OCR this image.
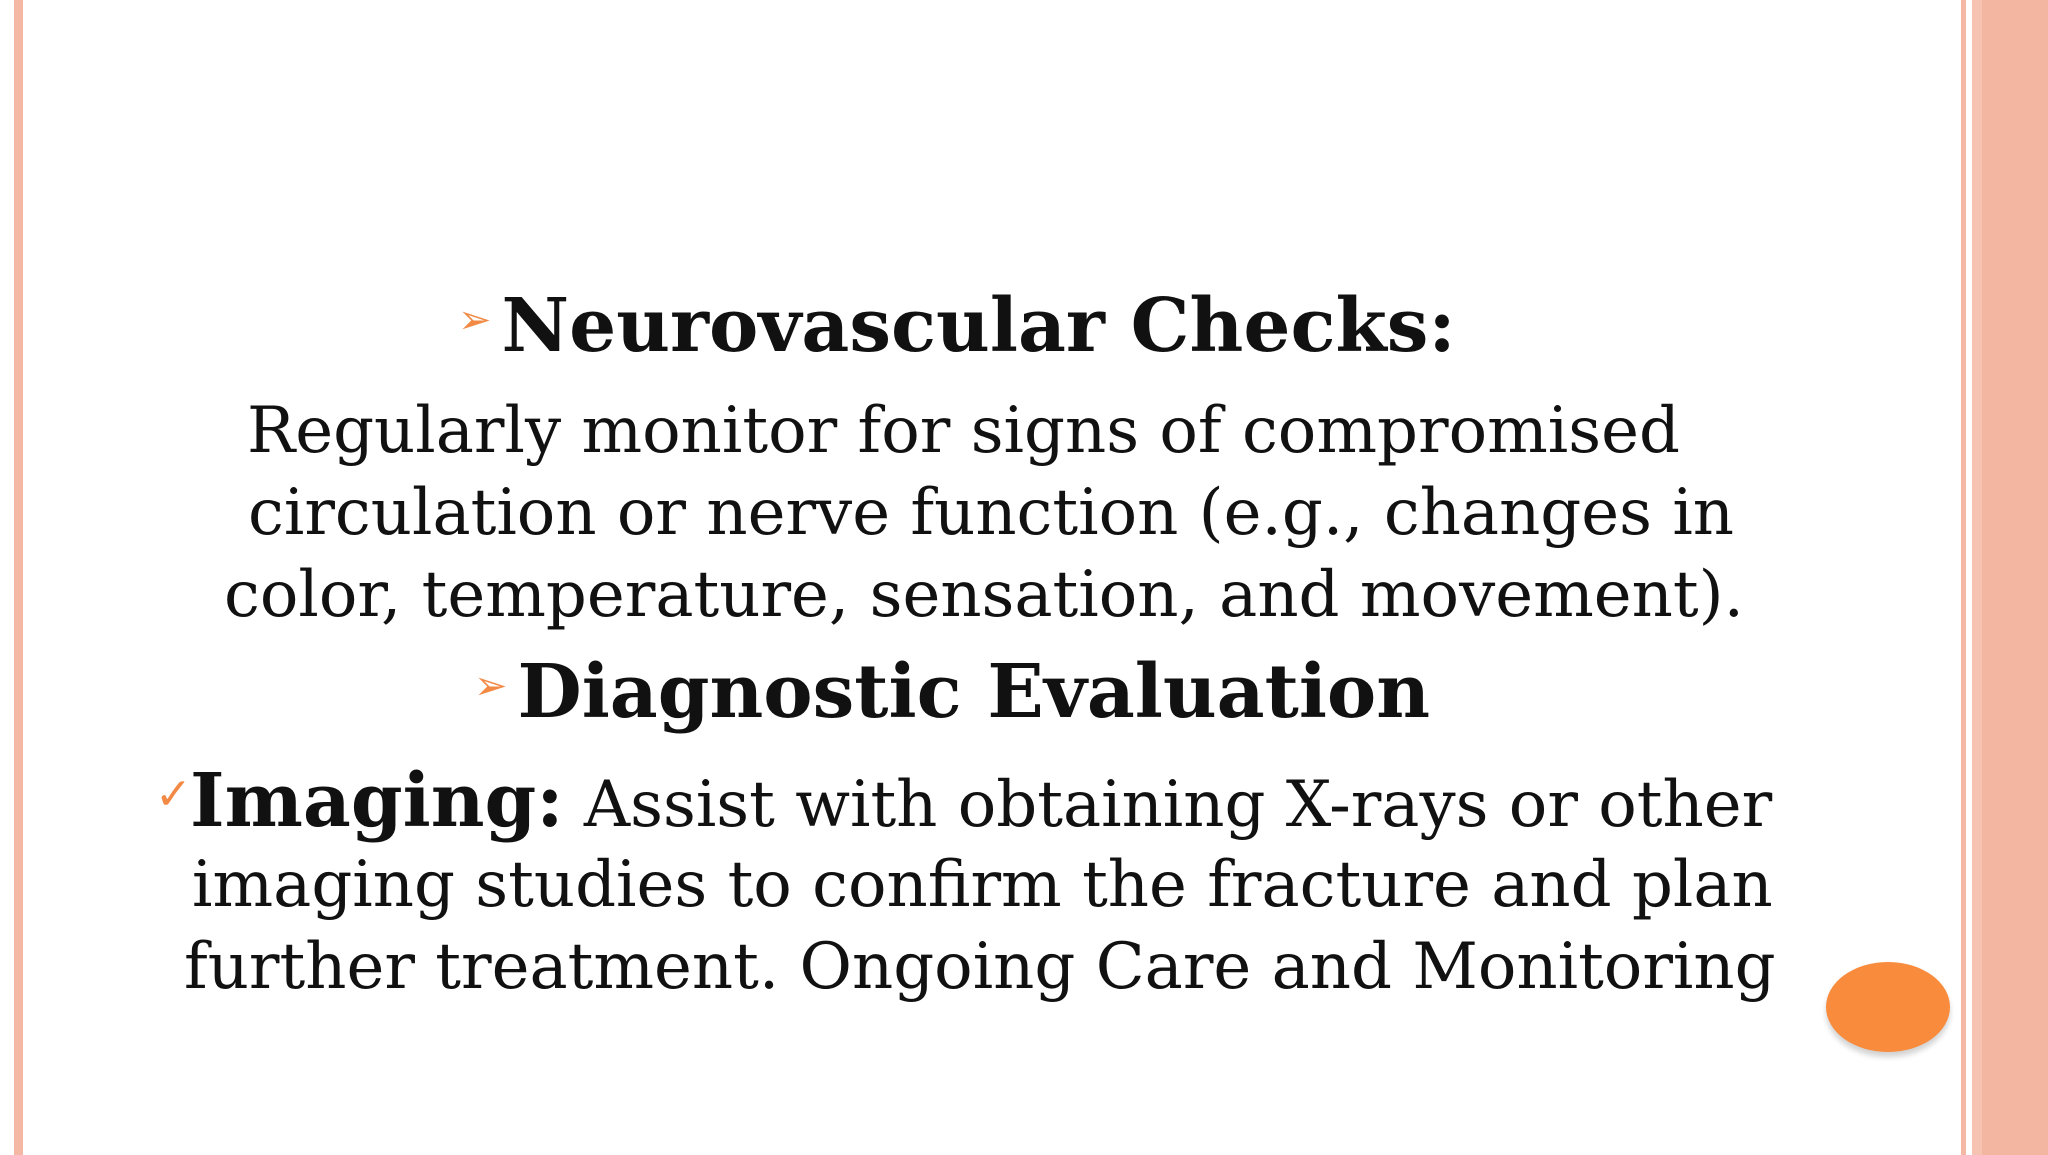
➢ Neurovascular Checks:
Regularly monitor for signs of compromised
circulation or nerve function (e.g., changes in
color, temperature, sensation, and movement).
➢ Diagnostic Evaluation
✓
Imaging: Assist with obtaining X-rays or other
imaging studies to confirm the fracture and plan
further treatment. Ongoing Care and Monitoring
